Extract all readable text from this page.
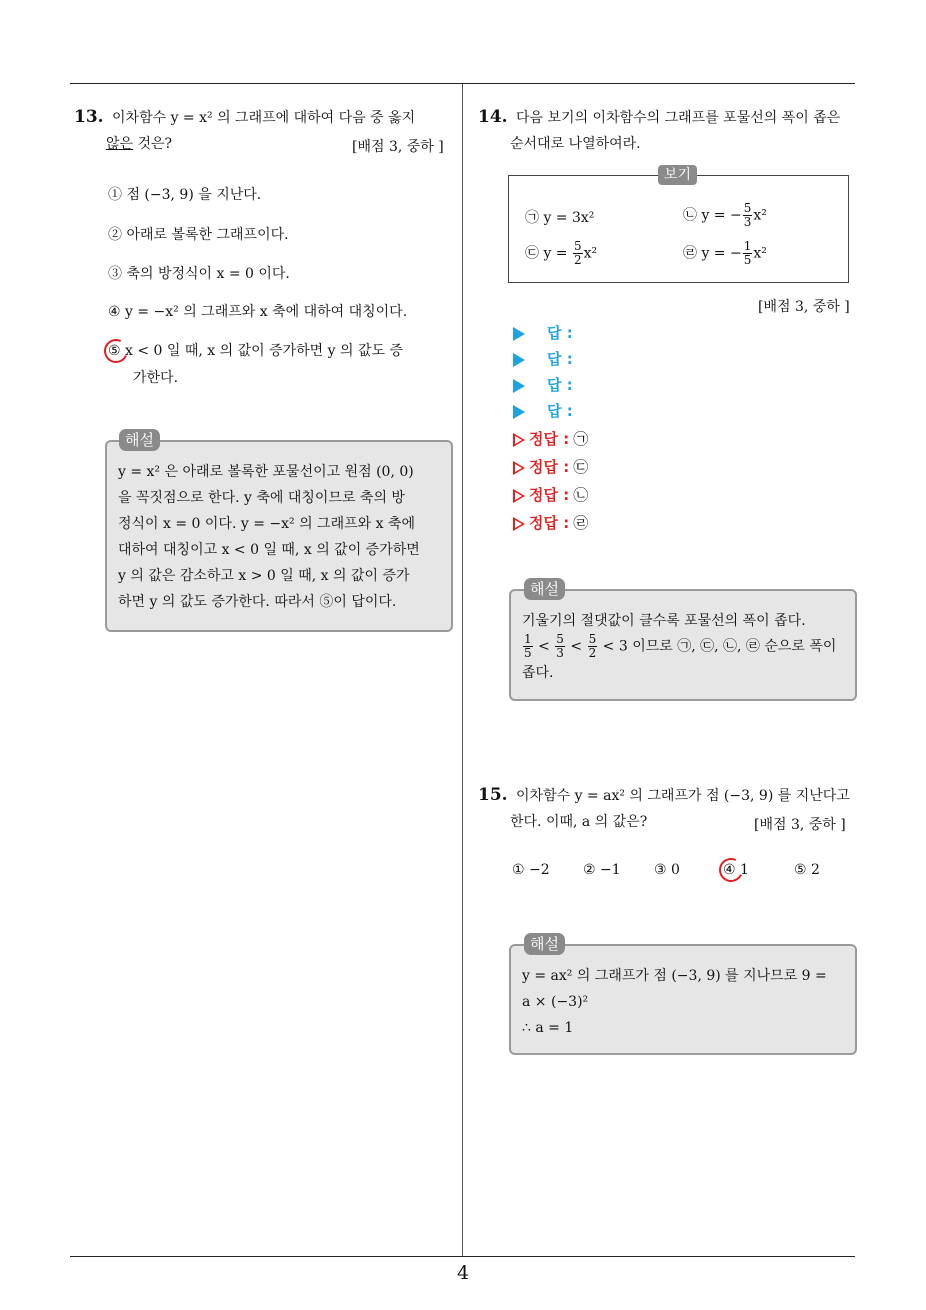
4
13. 이차함수 y = x² 의 그래프에 대하여 다음 중 옳지
않은 것은?	[배점 3, 중하 ]
① 점 (−3, 9) 을 지난다.
② 아래로 볼록한 그래프이다.
③ 축의 방정식이 x = 0 이다.
④ y = −x² 의 그래프와 x 축에 대하여 대칭이다.
⑤ x < 0 일 때, x 의 값이 증가하면 y 의 값도 증
가한다.
y = x² 은 아래로 볼록한 포물선이고 원점 (0, 0)
을 꼭짓점으로 한다. y 축에 대칭이므로 축의 방
정식이 x = 0 이다. y = −x² 의 그래프와 x 축에
대하여 대칭이고 x < 0 일 때, x 의 값이 증가하면
y 의 값은 감소하고 x > 0 일 때, x 의 값이 증가
하면 y 의 값도 증가한다. 따라서 ⑤이 답이다.
해설
14. 다음 보기의 이차함수의 그래프를 포물선의 폭이 좁은
순서대로 나열하여라.
㉠ y = 3x²	㉡ y = − $\frac{5}{3} x^2$
㉢ $y = \frac{5}{2} x^2$	㉣ y = − $\frac{1}{5} x^2$
보기
[배점 3, 중하 ]
답 :
답 :
답 :
답 :
정답 : ㉠
정답 : ㉢
정답 : ㉡
정답 : ㉣
기울기의 절댓값이 클수록 포물선의 폭이 좁다.
$\frac{1}{5} < \frac{5}{3} < \frac{5}{2} < 3$ 이므로 ㉠, ㉢, ㉡, ㉣ 순으로 폭이
좁다.
해설
15. 이차함수 y = ax² 의 그래프가 점 (−3, 9) 를 지난다고
한다. 이때, a 의 값은?	[배점 3, 중하 ]
① −2 ② −1 ③ 0	④ 1	⑤ 2
y = ax² 의 그래프가 점 (−3, 9) 를 지나므로 9 =
a × (−3)²
∴ a = 1
해설
